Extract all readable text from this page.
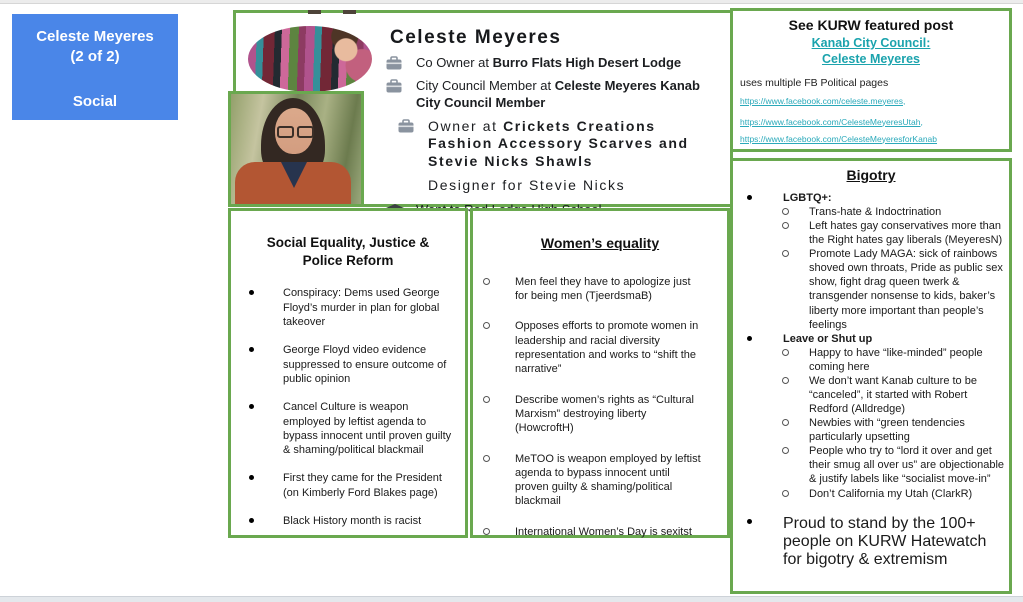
Celeste Meyeres
(2 of 2)
Social
Celeste Meyeres
Co Owner at Burro Flats High Desert Lodge
City Council Member at Celeste Meyeres Kanab City Council Member
Owner at Crickets Creations Fashion Accessory Scarves and Stevie Nicks Shawls
Designer for Stevie Nicks
See KURW featured post
Kanab City Council:
Celeste Meyeres
uses multiple FB Political pages
https://www.facebook.com/celeste.meyeres,
https://www.facebook.com/CelesteMeyeresUtah,
https://www.facebook.com/CelesteMeyeresforKanab
Social Equality, Justice &
Police Reform
Conspiracy: Dems used George Floyd’s murder in plan for global takeover
George Floyd video evidence suppressed to ensure outcome of public opinion
Cancel Culture is weapon employed by leftist agenda to bypass innocent until proven guilty & shaming/political blackmail
First they came for the President (on Kimberly Ford Blakes page)
Black History month is racist
Women’s equality
Men feel they have to apologize just for being men (TjeerdsmaB)
Opposes efforts to promote women in leadership and racial diversity representation and works to “shift the narrative”
Describe women’s rights as “Cultural Marxism” destroying liberty (HowcroftH)
MeTOO is weapon employed by leftist agenda to bypass innocent until proven guilty & shaming/political blackmail
International Women’s Day is sexitst
Bigotry
LGBTQ+:
Trans-hate & Indoctrination
Left hates gay conservatives more than the Right hates gay liberals (MeyeresN)
Promote Lady MAGA: sick of rainbows shoved own throats, Pride as public sex show, fight drag queen twerk & transgender nonsense to kids, baker’s liberty more important than people’s feelings
Leave or Shut up
Happy to have “like-minded” people coming here
We don’t want Kanab culture to be “canceled”, it started with Robert Redford (Alldredge)
Newbies with “green tendencies particularly upsetting
People who try to “lord it over and get their smug all over us” are objectionable & justify labels like “socialist move-in”
Don’t California my Utah (ClarkR)
Proud to stand by the 100+ people on KURW Hatewatch for bigotry & extremism
